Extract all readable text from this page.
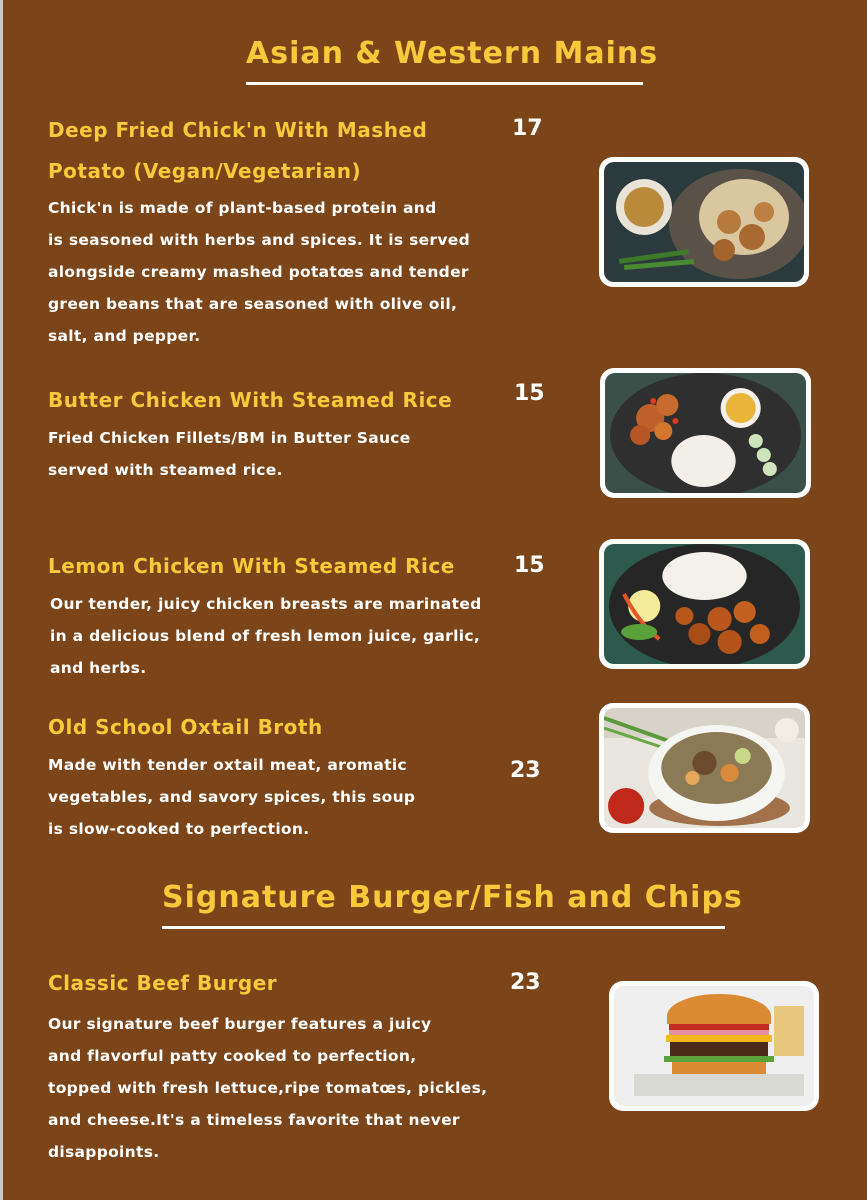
Asian & Western Mains
Deep Fried Chick'n With Mashed
Potato (Vegan/Vegetarian)
17
Chick'n is made of plant-based protein and
is seasoned with herbs and spices. It is served
alongside creamy mashed potatœs and tender
green beans that are seasoned with olive oil,
salt, and pepper.
Butter Chicken With Steamed Rice	15
Fried Chicken Fillets/BM in Butter Sauce
served with steamed rice.
Lemon Chicken With Steamed Rice	15
Our tender, juicy chicken breasts are marinated
in a delicious blend of fresh lemon juice, garlic,
and herbs.
Old School Oxtail Broth
23
Made with tender oxtail meat, aromatic
vegetables, and savory spices, this soup
is slow-cooked to perfection.
Signature Burger/Fish and Chips
Classic Beef Burger	23
Our signature beef burger features a juicy
and flavorful patty cooked to perfection,
topped with fresh lettuce,ripe tomatœs, pickles,
and cheese.It's a timeless favorite that never
disappoints.
